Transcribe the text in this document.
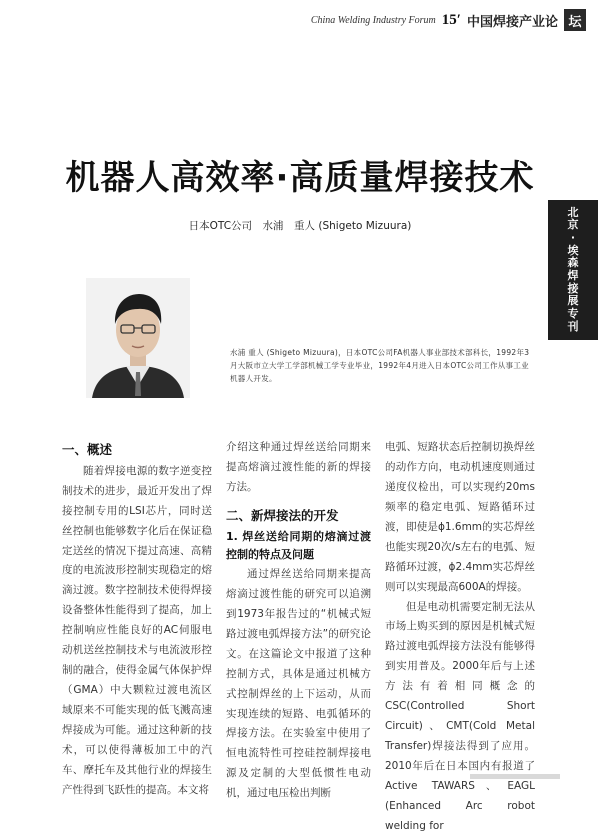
China Welding Industry Forum 15′ 中国焊接产业论 坛
北
京
·
埃
森
焊
接
展
专
刊
机器人高效率·高质量焊接技术
日本OTC公司　水浦　重人 (Shigeto Mizuura)
水浦 重人 (Shigeto Mizuura)，日本OTC公司FA机器人事业部技术部科长，1992年3月大阪市立大学工学部机械工学专业毕业，1992年4月进入日本OTC公司工作从事工业机器人开发。
一、概述

随着焊接电源的数字逆变控制技术的进步，最近开发出了焊接控制专用的LSI芯片，同时送丝控制也能够数字化后在保证稳定送丝的情况下提过高速、高精度的电流波形控制实现稳定的熔滴过渡。数字控制技术使得焊接设备整体性能得到了提高，加上控制响应性能良好的AC伺服电动机送丝控制技术与电流波形控制的融合，使得金属气体保护焊（GMA）中大颗粒过渡电流区域原来不可能实现的低飞溅高速焊接成为可能。通过这种新的技术，可以使得薄板加工中的汽车、摩托车及其他行业的焊接生产性得到飞跃性的提高。本文将

介绍这种通过焊丝送给同期来提高熔滴过渡性能的新的焊接方法。

二、新焊接法的开发
1. 焊丝送给同期的熔滴过渡控制的特点及问题

通过焊丝送给同期来提高熔滴过渡性能的研究可以追溯到1973年报告过的“机械式短路过渡电弧焊接方法”的研究论文。在这篇论文中报道了这种控制方式，具体是通过机械方式控制焊丝的上下运动，从而实现连续的短路、电弧循环的焊接方法。在实验室中使用了恒电流特性可控硅控制焊接电源及定制的大型低惯性电动机，通过电压检出判断

电弧、短路状态后控制切换焊丝的动作方向，电动机速度则通过递度仪检出，可以实现约20ms频率的稳定电弧、短路循环过渡，即使是ϕ1.6mm的实芯焊丝也能实现20次/s左右的电弧、短路循环过渡，ϕ2.4mm实芯焊丝则可以实现最高600A的焊接。

但是电动机需要定制无法从市场上购买到的原因是机械式短路过渡电弧焊接方法没有能够得到实用普及。2000年后与上述方法有着相同概念的CSC(Controlled Short Circuit)、CMT(Cold Metal Transfer)焊接法得到了应用。2010年后在日本国内有报道了Active TAWARS、EAGL (Enhanced Arc robot welding for
